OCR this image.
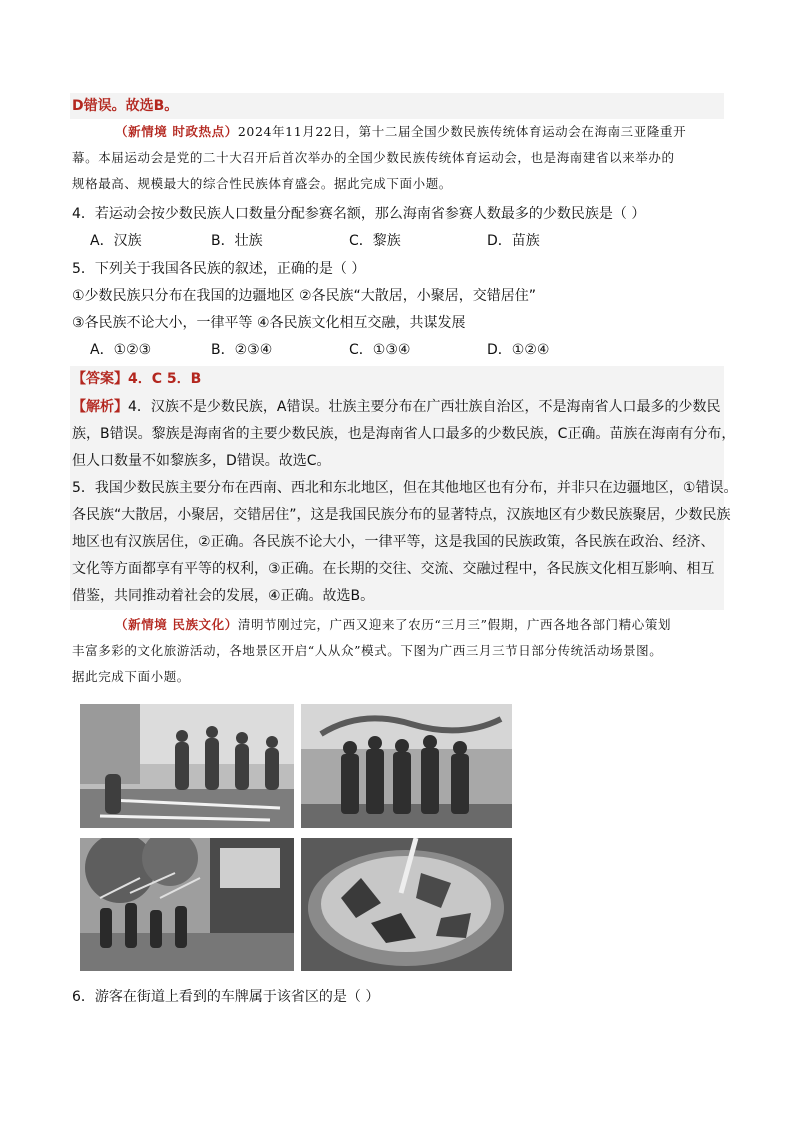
D错误。故选B。
（新情境 时政热点）2024年11月22日，第十二届全国少数民族传统体育运动会在海南三亚隆重开
幕。本届运动会是党的二十大召开后首次举办的全国少数民族传统体育运动会，也是海南建省以来举办的
规格最高、规模最大的综合性民族体育盛会。据此完成下面小题。
4．若运动会按少数民族人口数量分配参赛名额，那么海南省参赛人数最多的少数民族是（ ）
A．汉族	B．壮族	C．黎族	D．苗族
5．下列关于我国各民族的叙述，正确的是（ ）
①少数民族只分布在我国的边疆地区 ②各民族“大散居，小聚居，交错居住”
③各民族不论大小，一律平等 ④各民族文化相互交融，共谋发展
A．①②③	B．②③④	C．①③④	D．①②④
【答案】4．C 5．B
【解析】4．汉族不是少数民族，A错误。壮族主要分布在广西壮族自治区，不是海南省人口最多的少数民
族，B错误。黎族是海南省的主要少数民族，也是海南省人口最多的少数民族，C正确。苗族在海南有分布，
但人口数量不如黎族多，D错误。故选C。
5．我国少数民族主要分布在西南、西北和东北地区，但在其他地区也有分布，并非只在边疆地区，①错误。
各民族“大散居，小聚居，交错居住”，这是我国民族分布的显著特点，汉族地区有少数民族聚居，少数民族
地区也有汉族居住，②正确。各民族不论大小，一律平等，这是我国的民族政策，各民族在政治、经济、
文化等方面都享有平等的权利，③正确。在长期的交往、交流、交融过程中，各民族文化相互影响、相互
借鉴，共同推动着社会的发展，④正确。故选B。
（新情境 民族文化）清明节刚过完，广西又迎来了农历“三月三”假期，广西各地各部门精心策划
丰富多彩的文化旅游活动，各地景区开启“人从众”模式。下图为广西三月三节日部分传统活动场景图。
据此完成下面小题。
6．游客在街道上看到的车牌属于该省区的是（ ）
